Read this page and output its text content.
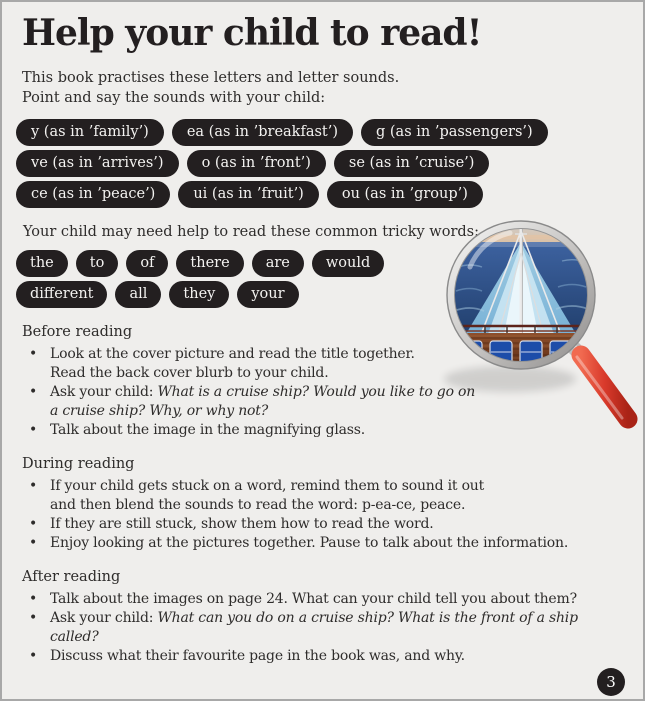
Help your child to read!

This book practises these letters and letter sounds.

Point and say the sounds with your child:

y (as in ’family’)	ea (as in ’breakfast’)	g (as in ’passengers’)
ve (as in ’arrives’)	o (as in ’front’)	se (as in ’cruise’)
ce (as in ’peace’)	ui (as in ’fruit’)	ou (as in ’group’)

Your child may need help to read these common tricky words:

the	to	of	there	are	would
different	all	they	your
Before reading
•
Look at the cover picture and read the title together.
Read the back cover blurb to your child.
•
Ask your child: What is a cruise ship? Would you like to go on a cruise ship? Why, or why not?
•
Talk about the image in the magnifying glass.
During reading
•
If your child gets stuck on a word, remind them to sound it out
and then blend the sounds to read the word: p-ea-ce, peace.
•
If they are still stuck, show them how to read the word.
•
Enjoy looking at the pictures together. Pause to talk about the information.
After reading
•
Talk about the images on page 24. What can your child tell you about them?
•
Ask your child: What can you do on a cruise ship? What is the front of a ship called?
•
Discuss what their favourite page in the book was, and why.
3
